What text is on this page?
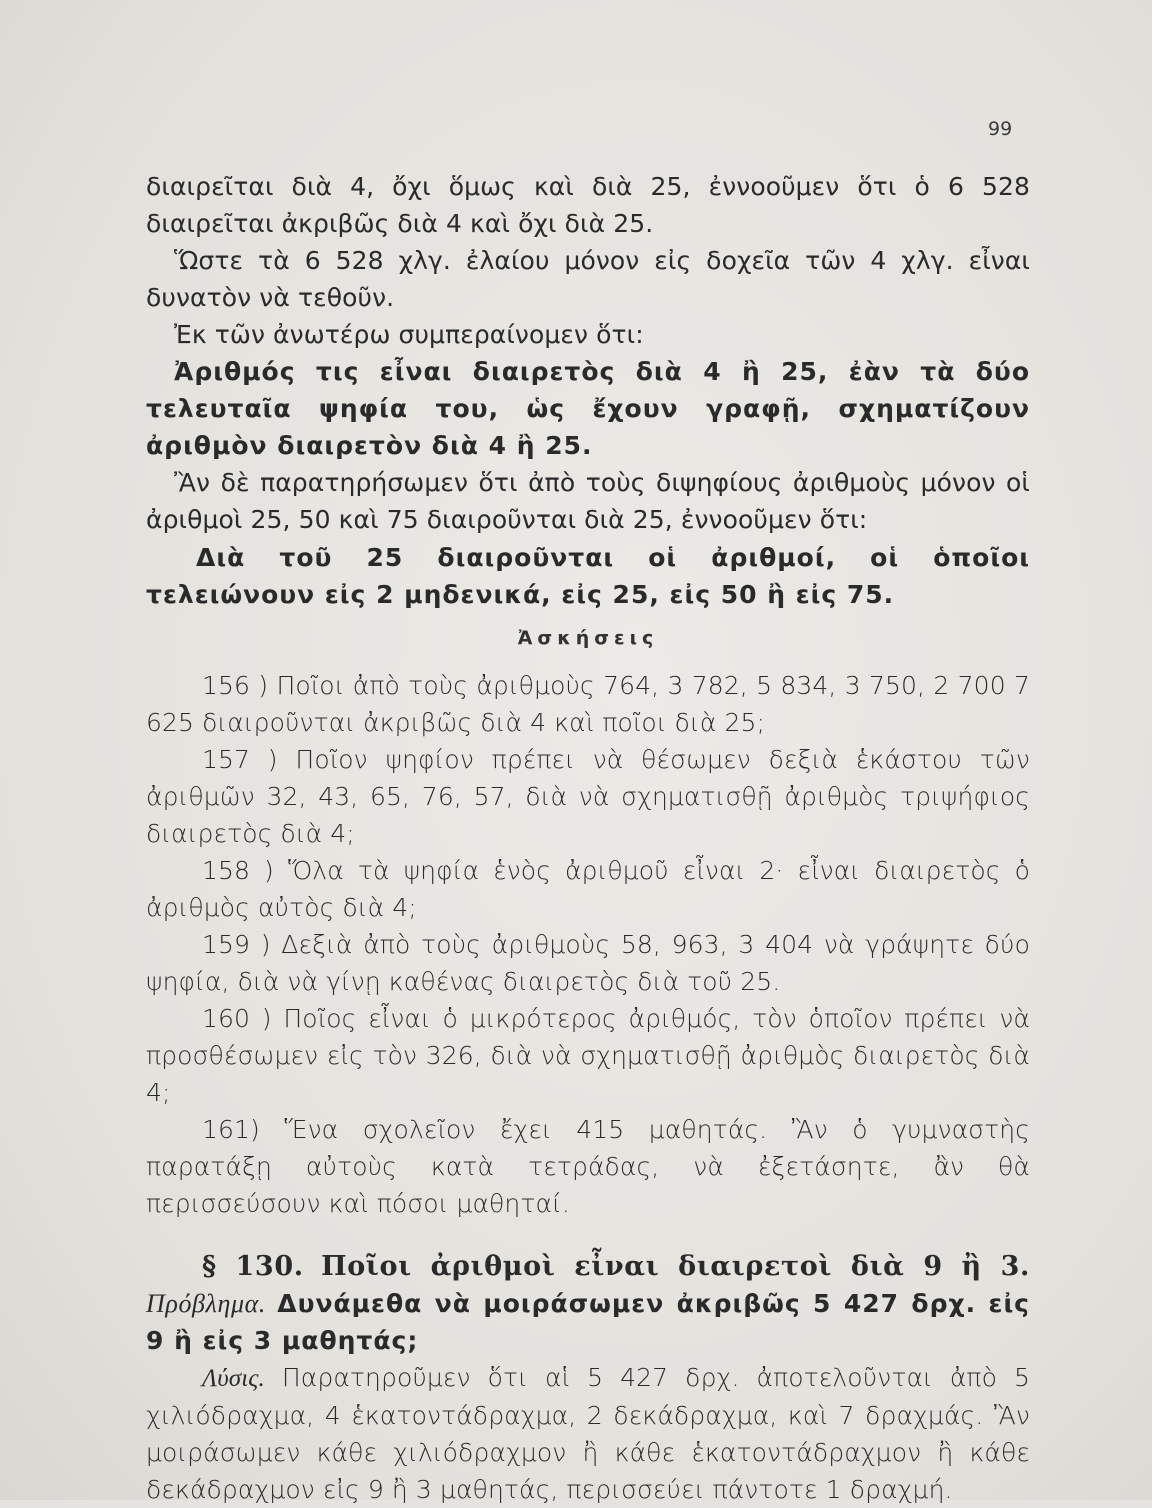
99

διαιρεῖται διὰ 4, ὄχι ὅμως καὶ διὰ 25, ἐννοοῦμεν ὅτι ὁ 6 528 διαιρεῖται ἀκριβῶς διὰ 4 καὶ ὄχι διὰ 25.

Ὥστε τὰ 6 528 χλγ. ἐλαίου μόνον εἰς δοχεῖα τῶν 4 χλγ. εἶναι δυνατὸν νὰ τεθοῦν.

Ἐκ τῶν ἀνωτέρω συμπεραίνομεν ὅτι:

Ἀριθμός τις εἶναι διαιρετὸς διὰ 4 ἢ 25, ἐὰν τὰ δύο τελευταῖα ψηφία του, ὡς ἔχουν γραφῇ, σχηματίζουν ἀριθμὸν διαιρετὸν διὰ 4 ἢ 25.

Ἂν δὲ παρατηρήσωμεν ὅτι ἀπὸ τοὺς διψηφίους ἀριθμοὺς μόνον οἱ ἀριθμοὶ 25, 50 καὶ 75 διαιροῦνται διὰ 25, ἐννοοῦμεν ὅτι:

Διὰ τοῦ 25 διαιροῦνται οἱ ἀριθμοί, οἱ ὁποῖοι τελειώνουν εἰς 2 μηδενικά, εἰς 25, εἰς 50 ἢ εἰς 75.

Ἀσκήσεις

156 ) Ποῖοι ἀπὸ τοὺς ἀριθμοὺς 764, 3 782, 5 834, 3 750, 2 700 7 625 διαιροῦνται ἀκριβῶς διὰ 4 καὶ ποῖοι διὰ 25;

157 ) Ποῖον ψηφίον πρέπει νὰ θέσωμεν δεξιὰ ἑκάστου τῶν ἀριθμῶν 32, 43, 65, 76, 57, διὰ νὰ σχηματισθῇ ἀριθμὸς τριψήφιος διαιρετὸς διὰ 4;

158 ) Ὅλα τὰ ψηφία ἑνὸς ἀριθμοῦ εἶναι 2· εἶναι διαιρετὸς ὁ ἀριθμὸς αὐτὸς διὰ 4;

159 ) Δεξιὰ ἀπὸ τοὺς ἀριθμοὺς 58, 963, 3 404 νὰ γράψητε δύο ψηφία, διὰ νὰ γίνῃ καθένας διαιρετὸς διὰ τοῦ 25.

160 ) Ποῖος εἶναι ὁ μικρότερος ἀριθμός, τὸν ὁποῖον πρέπει νὰ προσθέσωμεν εἰς τὸν 326, διὰ νὰ σχηματισθῇ ἀριθμὸς διαιρετὸς διὰ 4;

161) Ἕνα σχολεῖον ἔχει 415 μαθητάς. Ἂν ὁ γυμναστὴς παρατάξῃ αὐτοὺς κατὰ τετράδας, νὰ ἐξετάσητε, ἂν θὰ περισσεύσουν καὶ πόσοι μαθηταί.

§ 130. Ποῖοι ἀριθμοὶ εἶναι διαιρετοὶ διὰ 9 ἢ 3. Πρόβλημα. Δυνάμεθα νὰ μοιράσωμεν ἀκριβῶς 5 427 δρχ. εἰς 9 ἢ εἰς 3 μαθητάς;

Λύσις. Παρατηροῦμεν ὅτι αἱ 5 427 δρχ. ἀποτελοῦνται ἀπὸ 5 χιλιόδραχμα, 4 ἑκατοντάδραχμα, 2 δεκάδραχμα, καὶ 7 δραχμάς. Ἂν μοιράσωμεν κάθε χιλιόδραχμον ἢ κάθε ἑκατοντάδραχμον ἢ κάθε δεκάδραχμον εἰς 9 ἢ 3 μαθητάς, περισσεύει πάντοτε 1 δραχμή.
